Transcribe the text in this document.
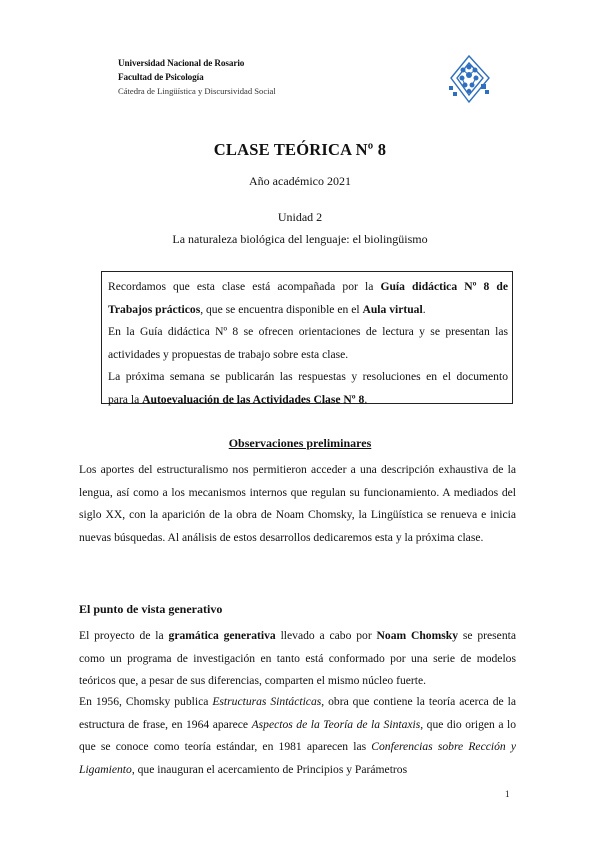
Universidad Nacional de Rosario
Facultad de Psicología
Cátedra de Lingüística y Discursividad Social
CLASE TEÓRICA Nº 8
Año académico 2021
Unidad 2
La naturaleza biológica del lenguaje: el biolingüismo

Recordamos que esta clase está acompañada por la Guía didáctica Nº 8 de

Trabajos prácticos, que se encuentra disponible en el Aula virtual.

En la Guía didáctica Nº 8 se ofrecen orientaciones de lectura y se presentan las actividades y propuestas de trabajo sobre esta clase.

La próxima semana se publicarán las respuestas y resoluciones en el documento

para la Autoevaluación de las Actividades Clase Nº 8.

Observaciones preliminares

Los aportes del estructuralismo nos permitieron acceder a una descripción exhaustiva de la lengua, así como a los mecanismos internos que regulan su funcionamiento. A mediados del siglo XX, con la aparición de la obra de Noam Chomsky, la Lingüística se renueva e inicia nuevas búsquedas. Al análisis de estos desarrollos dedicaremos esta y la próxima clase.

El punto de vista generativo

El proyecto de la gramática generativa llevado a cabo por Noam Chomsky se presenta como un programa de investigación en tanto está conformado por una serie de modelos teóricos que, a pesar de sus diferencias, comparten el mismo núcleo fuerte.

En 1956, Chomsky publica Estructuras Sintácticas, obra que contiene la teoría acerca de la estructura de frase, en 1964 aparece Aspectos de la Teoría de la Sintaxis, que dio origen a lo que se conoce como teoría estándar, en 1981 aparecen las Conferencias sobre Rección y Ligamiento, que inauguran el acercamiento de Principios y Parámetros

1
